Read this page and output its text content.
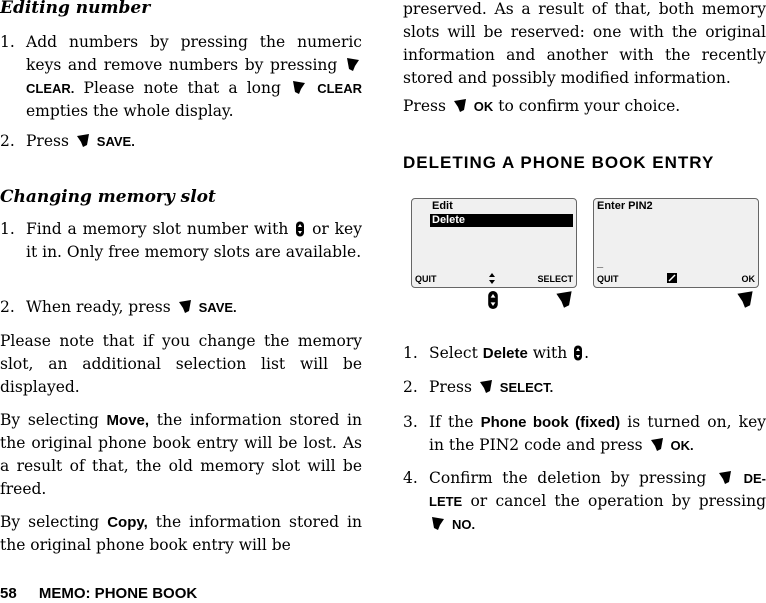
Editing number

1. Add numbers by pressing the numeric keys and remove numbers by pressing  CLEAR. Please note that a long	CLEAR empties the whole display.

2. Press SAVE.

Changing memory slot

1. Find a memory slot number with or key it in. Only free memory slots are available.

2. When ready, press SAVE.

Please note that if you change the memory slot, an additional selection list will be displayed.

By selecting Move, the information stored in the original phone book entry will be lost. As a result of that, the old memory slot will be freed.

By selecting Copy, the information stored in the original phone book entry will be

preserved. As a result of that, both memory slots will be reserved: one with the original information and another with the recently stored and possibly modified information.

Press OK to confirm your choice.

DELETING A PHONE BOOK ENTRY
Edit
Delete
QUIT	SELECT
Enter PIN2
_
QUIT	OK

1. Select Delete with .

2. Press SELECT.

3. If the Phone book (fixed) is turned on, key in the PIN2 code and press OK.

4. Confirm the deletion by pressing	DE-LETE or cancel the operation by pressing  NO.

58 MEMO: PHONE BOOK
